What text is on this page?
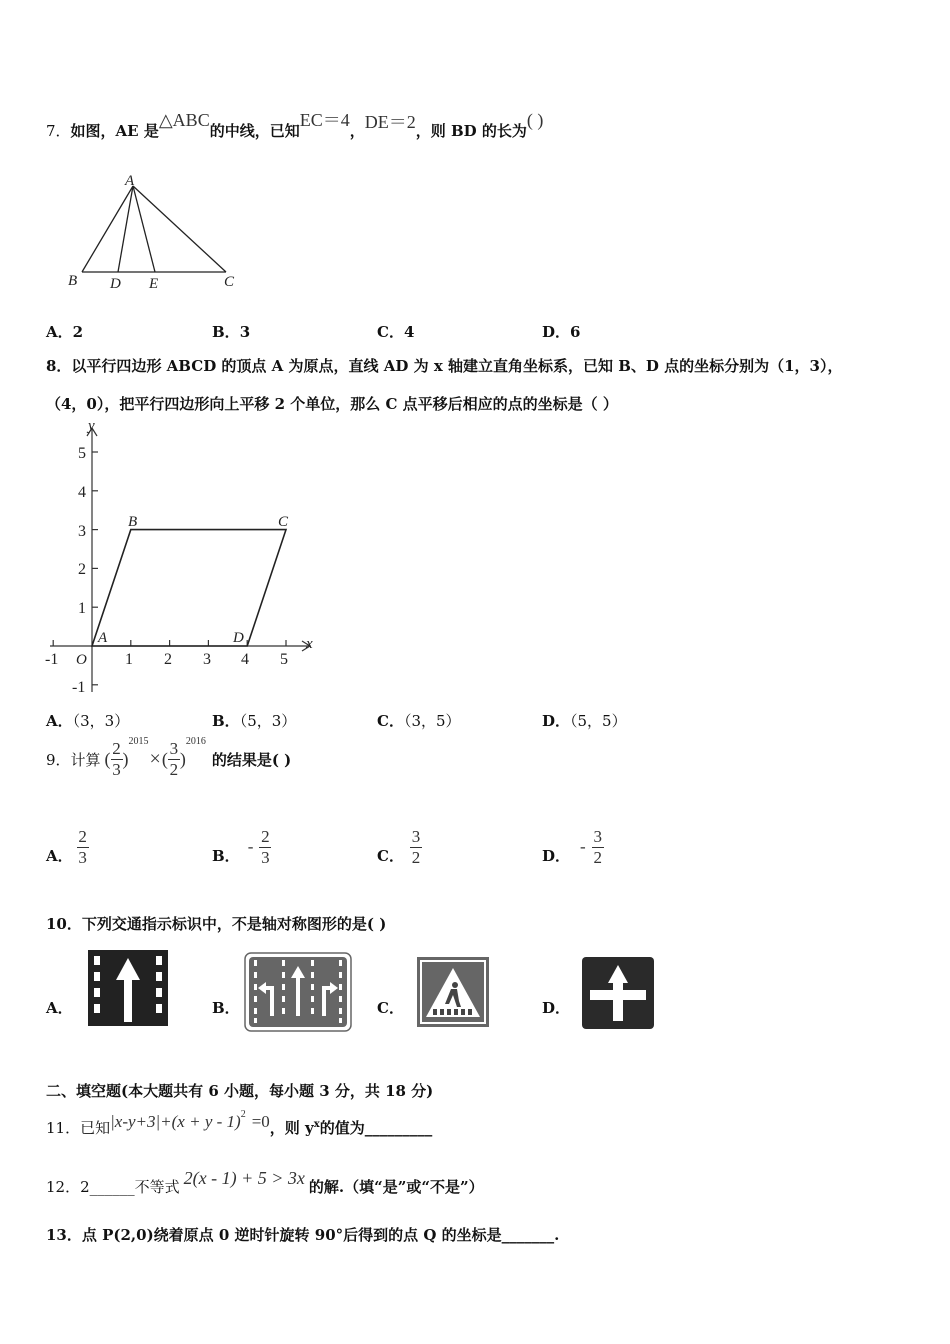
7．如图，AE 是△ABC的中线，已知EC＝4，DE＝2，则 BD 的长为( )
A
B D E	C
A．2	B．3	C．4	D．6
8．以平行四边形 ABCD 的顶点 A 为原点，直线 AD 为 x 轴建立直角坐标系，已知 B、D 点的坐标分别为（1，3），
（4，0），把平行四边形向上平移 2 个单位，那么 C 点平移后相应的点的坐标是（ ）
-1	1 2 3 4 5
5
4
3
2
1
-1
O
A
B	C
D	x
y
A．（3，3）	B．（5，3）	C．（3，5）	D．（5，5）
9．计算 ( $\frac{2}{3}$ )
2015
× ( $\frac{3}{2}$ )
2016
的结果是( )
A． $\frac{2}{3}$	B． - $\frac{2}{3}$	C． $\frac{3}{2}$	D． - $\frac{3}{2}$
10．下列交通指示标识中，不是轴对称图形的是( )
A．	B．	C．	D．
二、填空题(本大题共有 6 小题，每小题 3 分，共 18 分)
11．已知$|x-y+3|+(x + y - 1)^2 =0$，则 $y^x$的值为_________
12．2______不等式 2(x - 1) + 5 > 3x 的解.（填“是”或“不是”）
13．点 P(2,0)绕着原点 0 逆时针旋转 90°后得到的点 Q 的坐标是_______.
